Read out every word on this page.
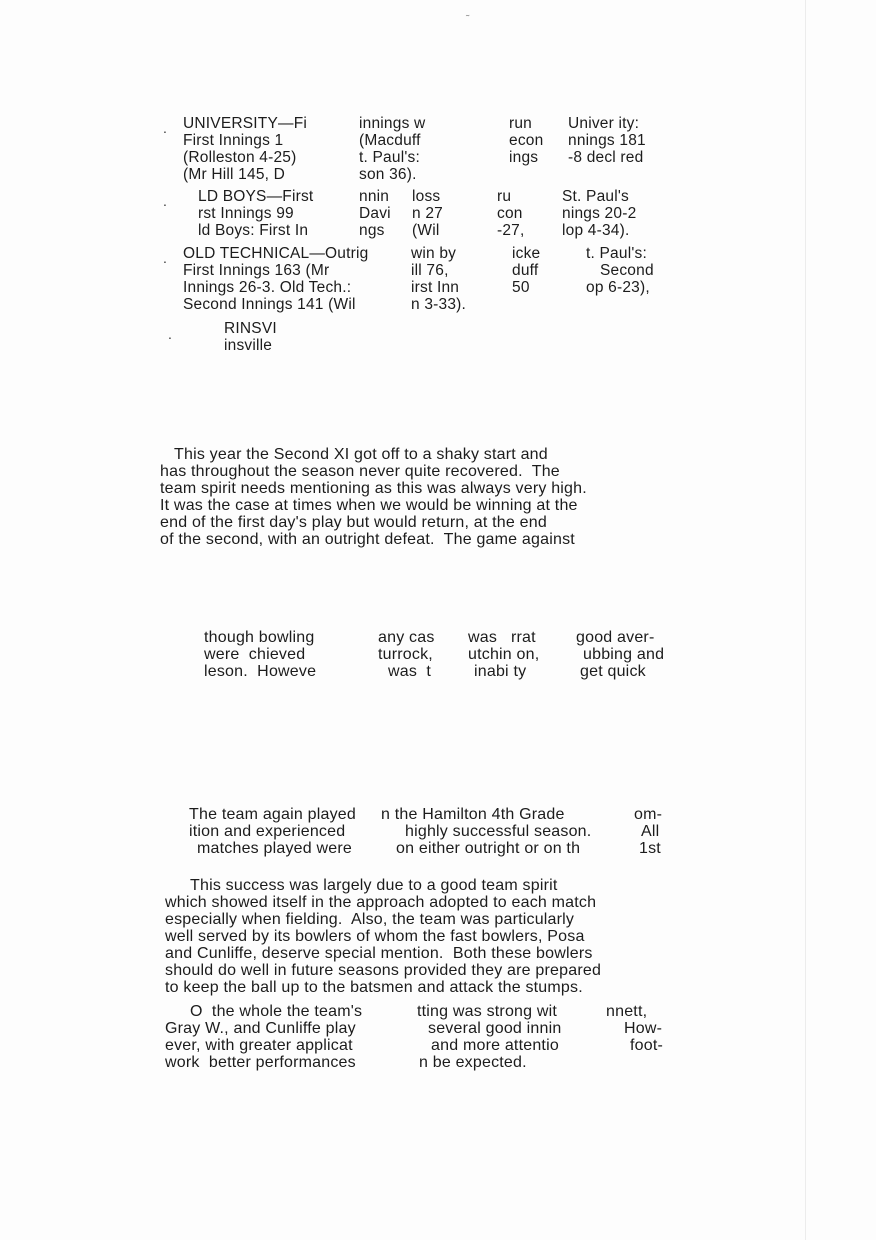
˜
. UNIVERSITY—Fi
First Innings 1
(Rolleston 4-25)
(Mr Hill 145, D
innings w
(Macduff
t. Paul's:
son 36).
run
econ
ings
Univer ity:
nnings 181
-8 decl red
. LD BOYS—First
rst Innings 99
ld Boys: First In
nnin
Davi
ngs
loss
n 27
(Wil
ru
con
-27,
St. Paul's
nings 20-2
lop 4-34).
. OLD TECHNICAL—Outrig
First Innings 163 (Mr
Innings 26-3. Old Tech.:
Second Innings 141 (Wil
win by
ill 76,
irst Inn
n 3-33).
icke
duff
50
t. Paul's:
Second
op 6-23),
.	RINSVI
insville
This year the Second XI got off to a shaky start and
has throughout the season never quite recovered.  The
team spirit needs mentioning as this was always very high.
It was the case at times when we would be winning at the
end of the first day's play but would return, at the end
of the second, with an outright defeat.  The game against
though bowling
were  chieved
leson.  Howeve
any cas
turrock,
was  t
was   rrat
utchin on,
inabi ty
good aver-
ubbing and
get quick
The team again played
ition and experienced
matches played were
n the Hamilton 4th Grade
highly successful season.
on either outright or on th
om-
All
1st
This success was largely due to a good team spirit
which showed itself in the approach adopted to each match
especially when fielding.  Also, the team was particularly
well served by its bowlers of whom the fast bowlers, Posa
and Cunliffe, deserve special mention.  Both these bowlers
should do well in future seasons provided they are prepared
to keep the ball up to the batsmen and attack the stumps.
O  the whole the team's
Gray W., and Cunliffe play
ever, with greater applicat
work  better performances
tting was strong wit
several good innin
and more attentio
n be expected.
nnett,
How-
foot-
